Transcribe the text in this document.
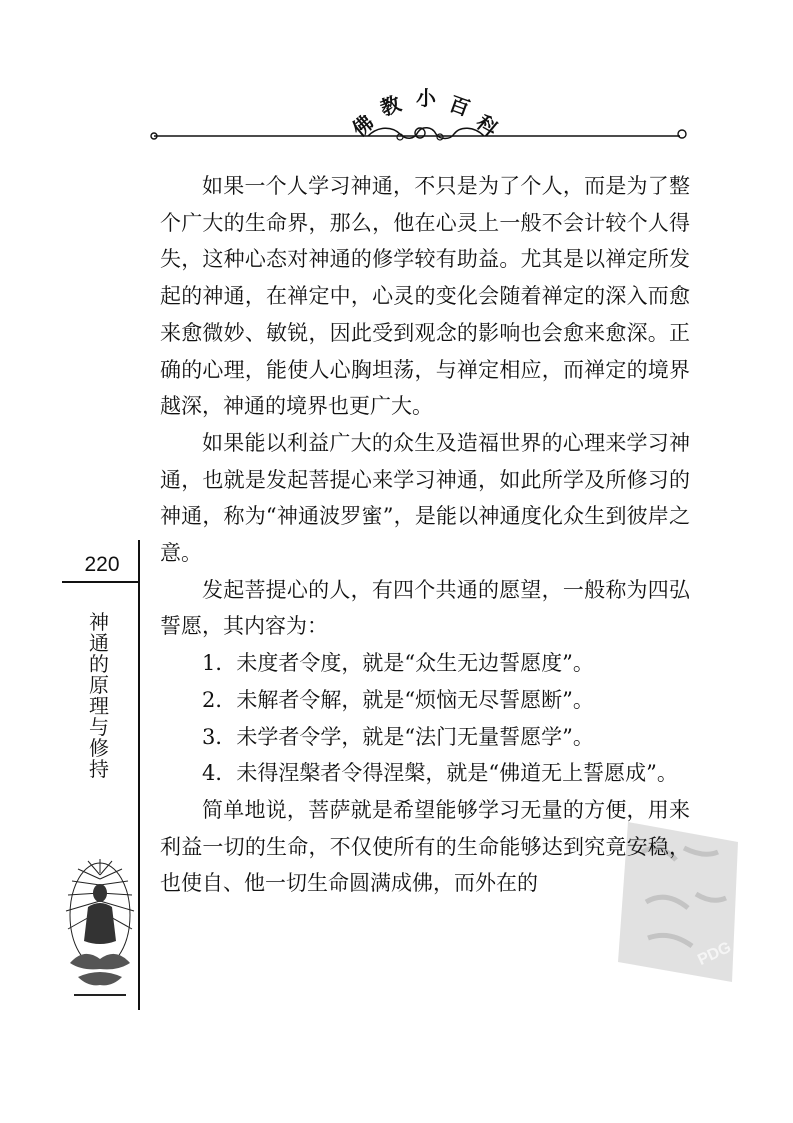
佛
教 小 百
科
220
神通的原理与修持
PDG

如果一个人学习神通，不只是为了个人，而是为了整个广大的生命界，那么，他在心灵上一般不会计较个人得失，这种心态对神通的修学较有助益。尤其是以禅定所发起的神通，在禅定中，心灵的变化会随着禅定的深入而愈来愈微妙、敏锐，因此受到观念的影响也会愈来愈深。正确的心理，能使人心胸坦荡，与禅定相应，而禅定的境界越深，神通的境界也更广大。

如果能以利益广大的众生及造福世界的心理来学习神通，也就是发起菩提心来学习神通，如此所学及所修习的神通，称为“神通波罗蜜”，是能以神通度化众生到彼岸之意。

发起菩提心的人，有四个共通的愿望，一般称为四弘誓愿，其内容为：

1．未度者令度，就是“众生无边誓愿度”。

2．未解者令解，就是“烦恼无尽誓愿断”。

3．未学者令学，就是“法门无量誓愿学”。

4．未得涅槃者令得涅槃，就是“佛道无上誓愿成”。

简单地说，菩萨就是希望能够学习无量的方便，用来利益一切的生命，不仅使所有的生命能够达到究竟安稳，也使自、他一切生命圆满成佛，而外在的
